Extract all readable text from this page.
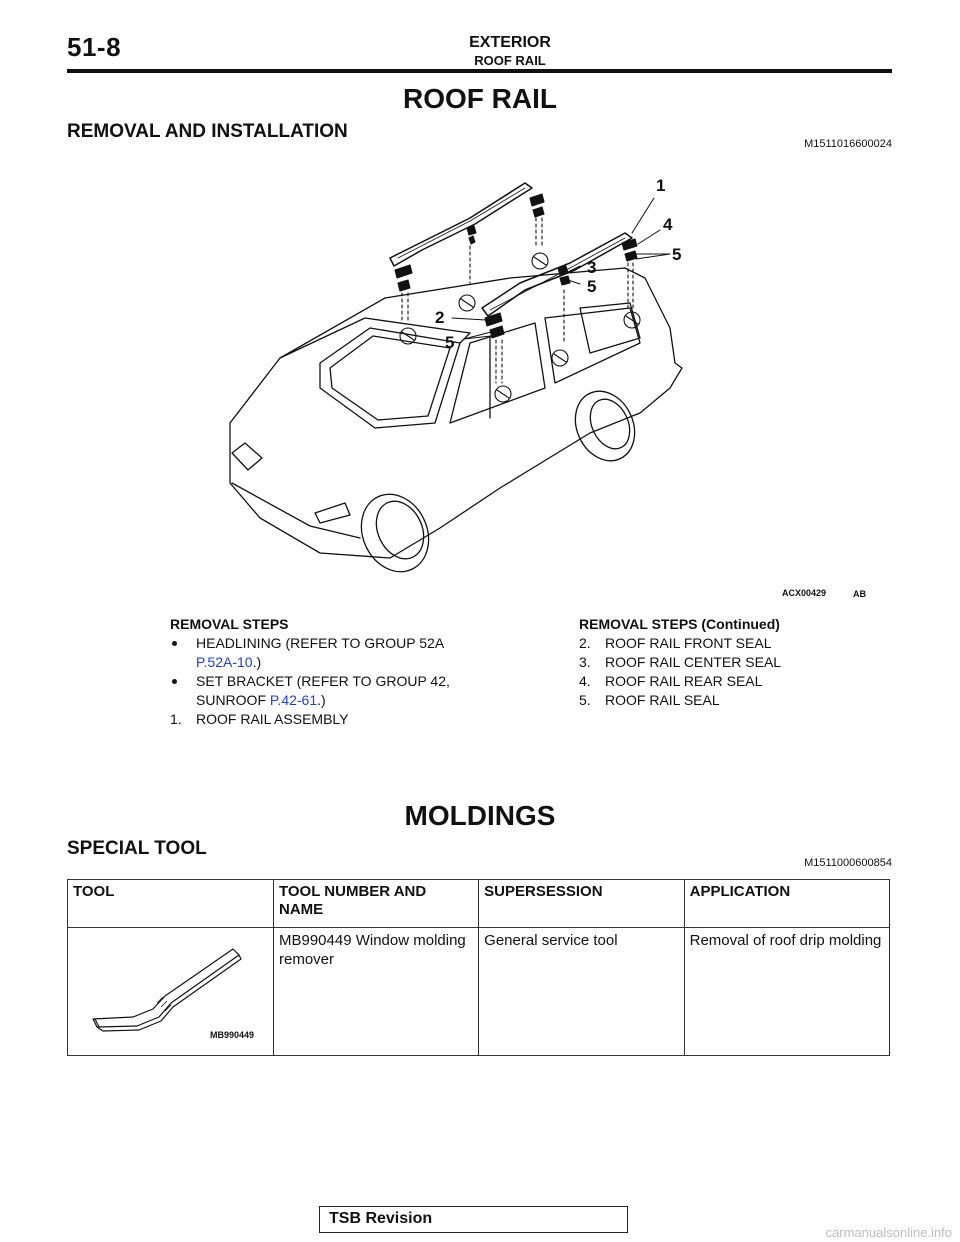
51-8	EXTERIOR
ROOF RAIL
ROOF RAIL
REMOVAL AND INSTALLATION
M1511016600024
1
4
5
3
5
2
5
ACX00429	AB
REMOVAL STEPS
HEADLINING (REFER TO GROUP 52A P.52A-10.)
SET BRACKET (REFER TO GROUP 42, SUNROOF P.42-61.)
1. ROOF RAIL ASSEMBLY
REMOVAL STEPS (Continued)
2. ROOF RAIL FRONT SEAL
3. ROOF RAIL CENTER SEAL
4. ROOF RAIL REAR SEAL
5. ROOF RAIL SEAL
MOLDINGS
SPECIAL TOOL
M1511000600854
TOOL	TOOL NUMBER AND NAME	SUPERSESSION	APPLICATION

MB990449	MB990449 Window molding remover	General service tool	Removal of roof drip molding
TSB Revision
carmanualsonline.info
